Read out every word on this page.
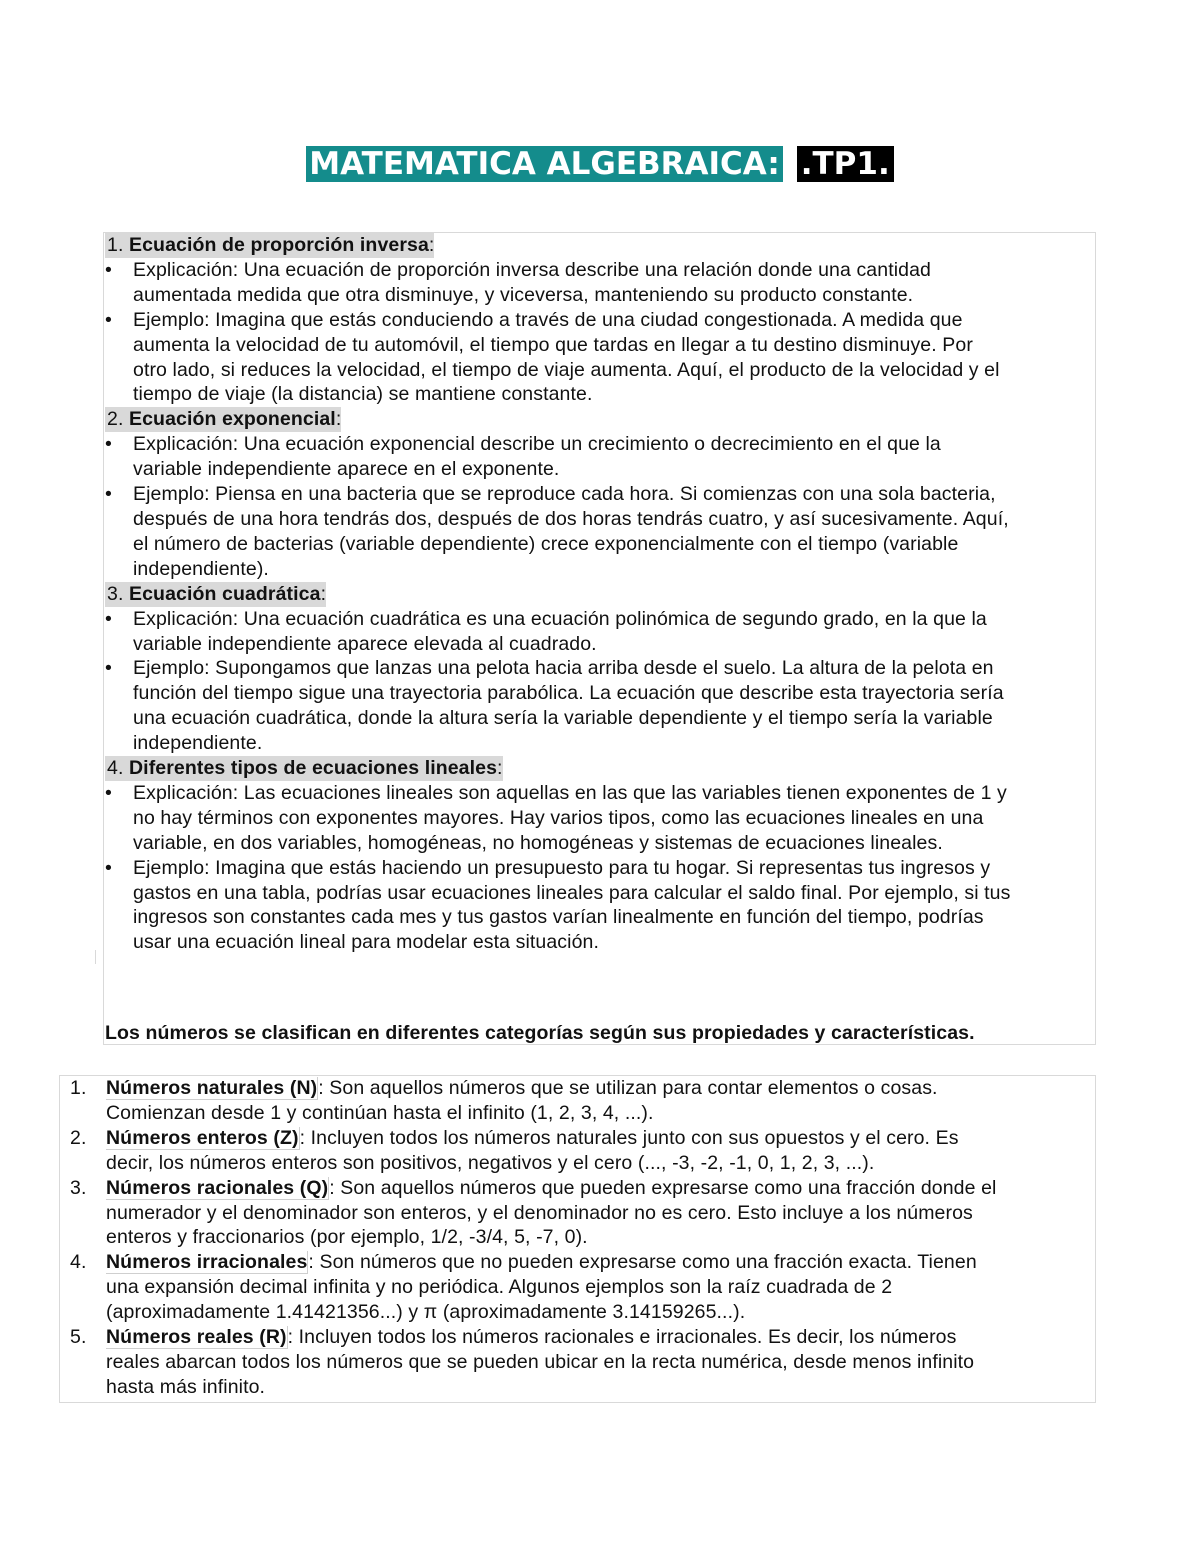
MATEMATICA ALGEBRAICA: .TP1.
1. Ecuación de proporción inversa:
•	Explicación: Una ecuación de proporción inversa describe una relación donde una cantidad
aumentada medida que otra disminuye, y viceversa, manteniendo su producto constante.
•	Ejemplo: Imagina que estás conduciendo a través de una ciudad congestionada. A medida que
aumenta la velocidad de tu automóvil, el tiempo que tardas en llegar a tu destino disminuye. Por
otro lado, si reduces la velocidad, el tiempo de viaje aumenta. Aquí, el producto de la velocidad y el
tiempo de viaje (la distancia) se mantiene constante.
2. Ecuación exponencial:
•	Explicación: Una ecuación exponencial describe un crecimiento o decrecimiento en el que la
variable independiente aparece en el exponente.
•	Ejemplo: Piensa en una bacteria que se reproduce cada hora. Si comienzas con una sola bacteria,
después de una hora tendrás dos, después de dos horas tendrás cuatro, y así sucesivamente. Aquí,
el número de bacterias (variable dependiente) crece exponencialmente con el tiempo (variable
independiente).
3. Ecuación cuadrática:
•	Explicación: Una ecuación cuadrática es una ecuación polinómica de segundo grado, en la que la
variable independiente aparece elevada al cuadrado.
•	Ejemplo: Supongamos que lanzas una pelota hacia arriba desde el suelo. La altura de la pelota en
función del tiempo sigue una trayectoria parabólica. La ecuación que describe esta trayectoria sería
una ecuación cuadrática, donde la altura sería la variable dependiente y el tiempo sería la variable
independiente.
4. Diferentes tipos de ecuaciones lineales:
•	Explicación: Las ecuaciones lineales son aquellas en las que las variables tienen exponentes de 1 y
no hay términos con exponentes mayores. Hay varios tipos, como las ecuaciones lineales en una
variable, en dos variables, homogéneas, no homogéneas y sistemas de ecuaciones lineales.
•	Ejemplo: Imagina que estás haciendo un presupuesto para tu hogar. Si representas tus ingresos y
gastos en una tabla, podrías usar ecuaciones lineales para calcular el saldo final. Por ejemplo, si tus
ingresos son constantes cada mes y tus gastos varían linealmente en función del tiempo, podrías
usar una ecuación lineal para modelar esta situación.
Los números se clasifican en diferentes categorías según sus propiedades y características.
1.	Números naturales (N): Son aquellos números que se utilizan para contar elementos o cosas.
Comienzan desde 1 y continúan hasta el infinito (1, 2, 3, 4, ...).
2.	Números enteros (Z): Incluyen todos los números naturales junto con sus opuestos y el cero. Es
decir, los números enteros son positivos, negativos y el cero (..., -3, -2, -1, 0, 1, 2, 3, ...).
3.	Números racionales (Q): Son aquellos números que pueden expresarse como una fracción donde el
numerador y el denominador son enteros, y el denominador no es cero. Esto incluye a los números
enteros y fraccionarios (por ejemplo, 1/2, -3/4, 5, -7, 0).
4.	Números irracionales: Son números que no pueden expresarse como una fracción exacta. Tienen
una expansión decimal infinita y no periódica. Algunos ejemplos son la raíz cuadrada de 2
(aproximadamente 1.41421356...) y π (aproximadamente 3.14159265...).
5.	Números reales (R): Incluyen todos los números racionales e irracionales. Es decir, los números
reales abarcan todos los números que se pueden ubicar en la recta numérica, desde menos infinito
hasta más infinito.
